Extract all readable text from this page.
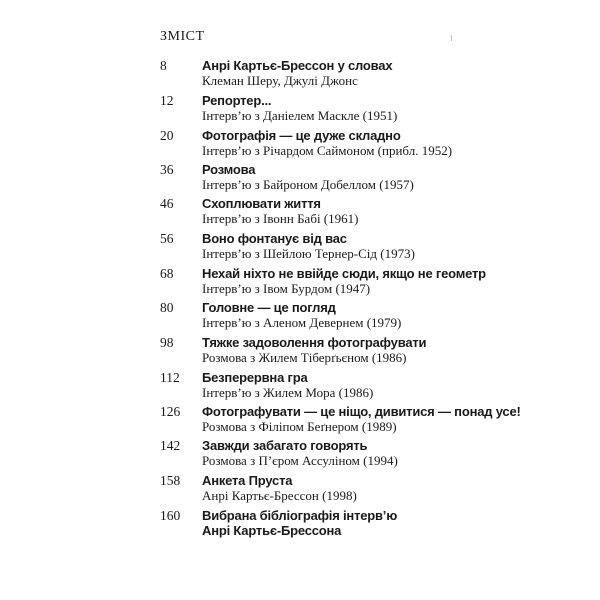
ЗМІСТ
8	Анрі Картьє-Брессон у словах
Клеман Шеру, Джулі Джонс
12 Репортер...
Інтерв’ю з Даніелем Маскле (1951)
20 Фотографія — це дуже складно
Інтерв’ю з Річардом Саймоном (прибл. 1952)
36 Розмова
Інтерв’ю з Байроном Добеллом (1957)
46 Схоплювати життя
Інтерв’ю з Івонн Бабі (1961)
56 Воно фонтанує від вас
Інтерв’ю з Шейлою Тернер-Сід (1973)
68 Нехай ніхто не ввійде сюди, якщо не геометр
Інтерв’ю з Івом Бурдом (1947)
80 Головне — це погляд
Інтерв’ю з Аленом Девернем (1979)
98 Тяжке задоволення фотографувати
Розмова з Жилем Тіберґьєном (1986)
112 Безперервна гра
Інтерв’ю з Жилем Мора (1986)
126 Фотографувати — це ніщо, дивитися — понад усе!
Розмова з Філіпом Беґнером (1989)
142 Завжди забагато говорять
Розмова з П’єром Ассуліном (1994)
158 Анкета Пруста
Анрі Картьє-Брессон (1998)
160 Вибрана бібліографія інтерв’ю Анрі Картьє-Брессона
